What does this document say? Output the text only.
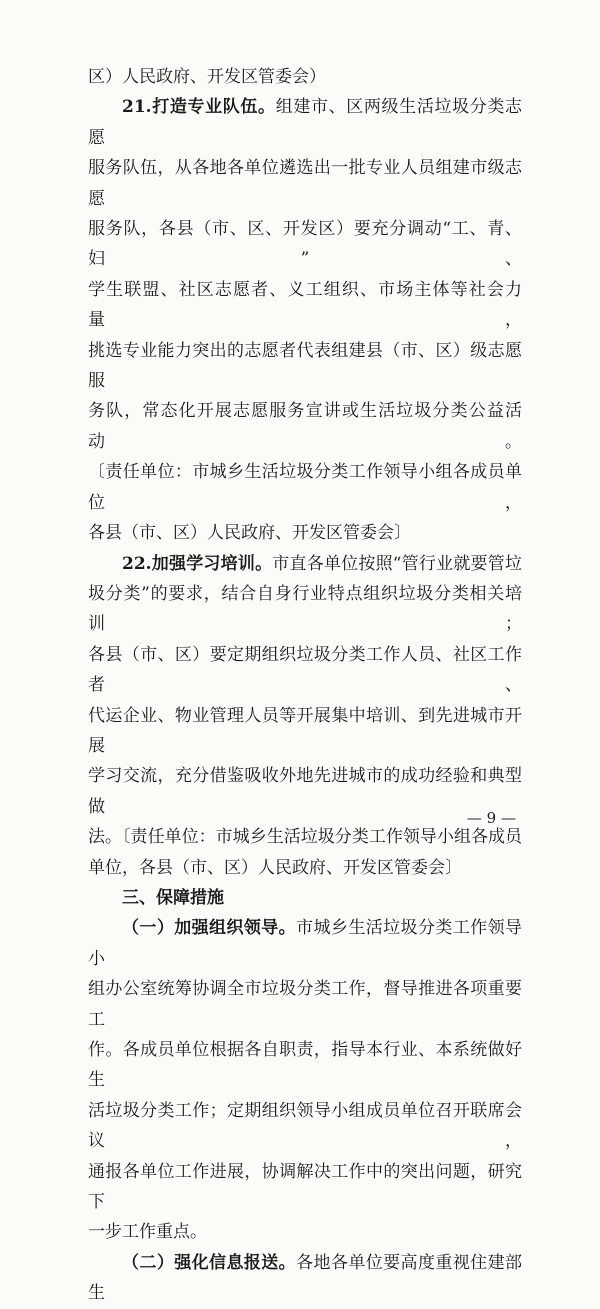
区）人民政府、开发区管委会）

21.打造专业队伍。组建市、区两级生活垃圾分类志愿

服务队伍，从各地各单位遴选出一批专业人员组建市级志愿

服务队，各县（市、区、开发区）要充分调动“工、青、妇”、

学生联盟、社区志愿者、义工组织、市场主体等社会力量，

挑选专业能力突出的志愿者代表组建县（市、区）级志愿服

务队，常态化开展志愿服务宣讲或生活垃圾分类公益活动。

〔责任单位：市城乡生活垃圾分类工作领导小组各成员单位，

各县（市、区）人民政府、开发区管委会〕

22.加强学习培训。市直各单位按照“管行业就要管垃

圾分类”的要求，结合自身行业特点组织垃圾分类相关培训；

各县（市、区）要定期组织垃圾分类工作人员、社区工作者、

代运企业、物业管理人员等开展集中培训、到先进城市开展

学习交流，充分借鉴吸收外地先进城市的成功经验和典型做

法。〔责任单位：市城乡生活垃圾分类工作领导小组各成员

单位，各县（市、区）人民政府、开发区管委会〕

三、保障措施

（一）加强组织领导。市城乡生活垃圾分类工作领导小

组办公室统筹协调全市垃圾分类工作，督导推进各项重要工

作。各成员单位根据各自职责，指导本行业、本系统做好生

活垃圾分类工作；定期组织领导小组成员单位召开联席会议，

通报各单位工作进展，协调解决工作中的突出问题，研究下

一步工作重点。

（二）强化信息报送。各地各单位要高度重视住建部生

— 9 —
